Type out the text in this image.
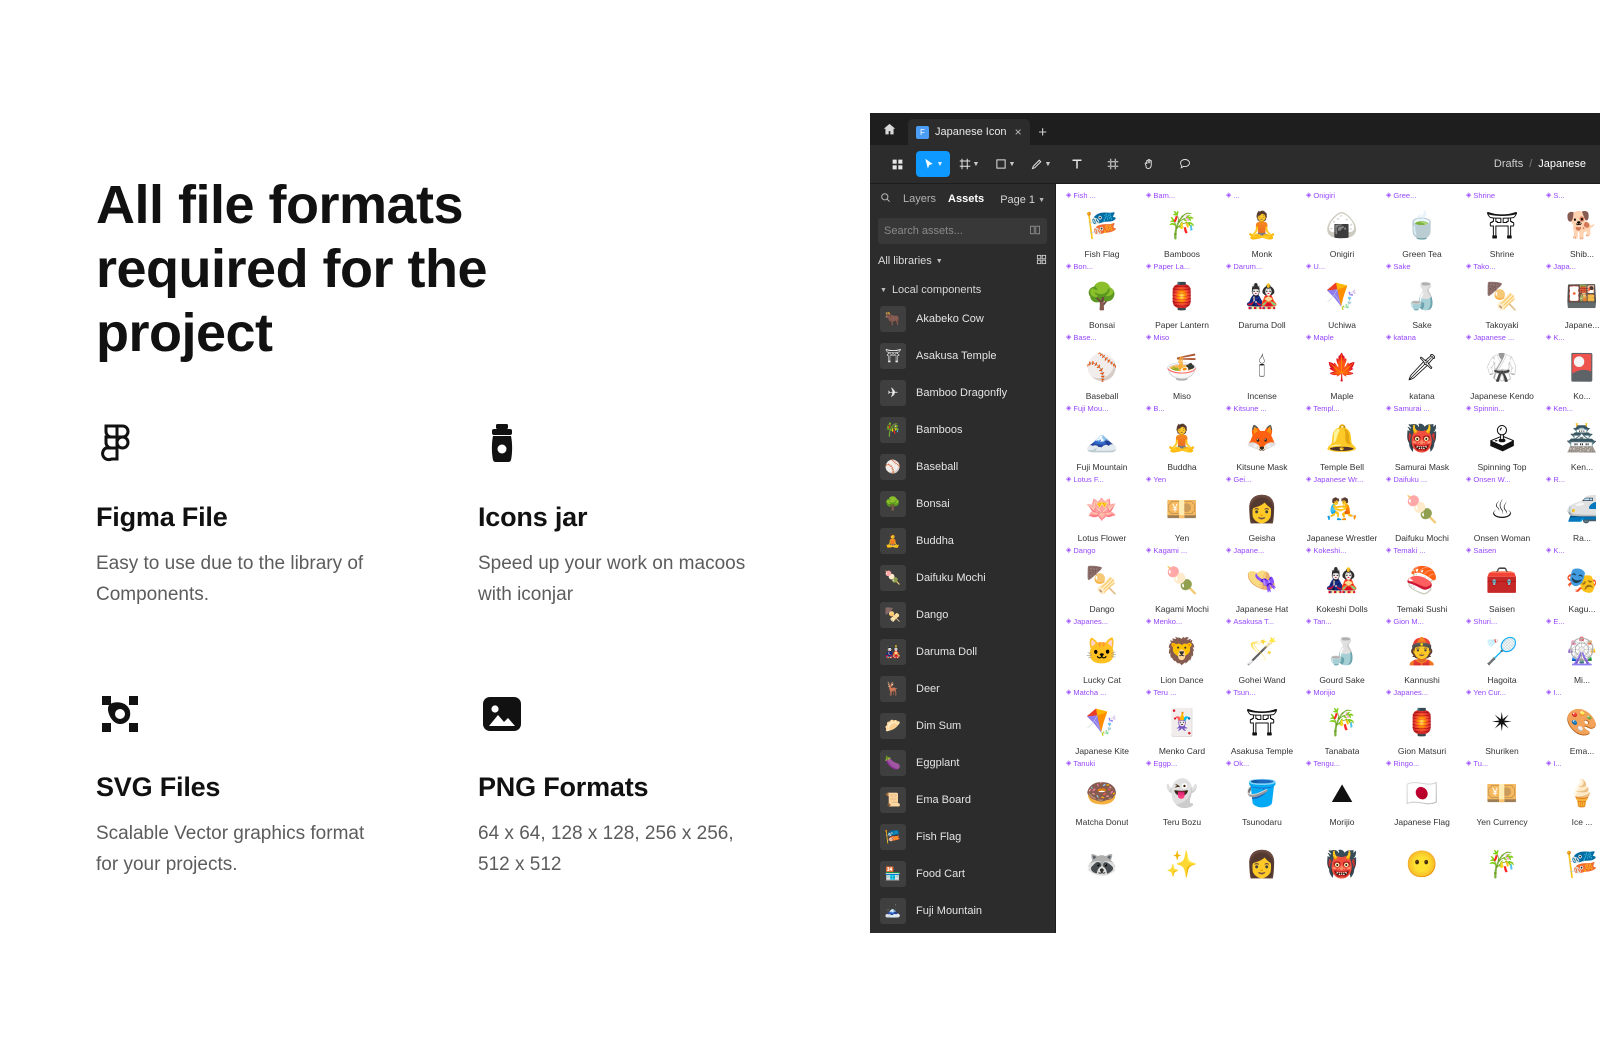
All file formats required for the project
Figma File

Easy to use due to the library of Components.

Icons jar

Speed up your work on macoos with iconjar

SVG Files

Scalable Vector graphics format for your projects.

PNG Formats

64 x 64, 128 x 128, 256 x 256, 512 x 512

F Japanese Icon ×	+
▼	▼	▼	▼	Drafts / Japanese
Layers Assets Page 1 ▼
Search assets...
All libraries ▼
▼ Local components
🐂	Akabeko Cow
⛩	Asakusa Temple
✈	Bamboo Dragonfly
🎋	Bamboos
⚾	Baseball
🌳	Bonsai
🧘	Buddha
🍡	Daifuku Mochi
🍢	Dango
🎎	Daruma Doll
🦌	Deer
🥟	Dim Sum
🍆	Eggplant
📜	Ema Board
🎏	Fish Flag
🏪	Food Cart
🗻	Fuji Mountain
◈ Fish ...
🎏
Fish Flag
◈ Bam...
🎋
Bamboos
◈ ...
🧘
Monk
◈ Onigiri
🍙
Onigiri
◈ Gree...
🍵
Green Tea
◈ Shrine
⛩
Shrine
◈ S...
🐕
Shib...
◈ Bon...
🌳
Bonsai
◈ Paper La...
🏮
Paper Lantern
◈ Darum...
🎎
Daruma Doll
◈ U...
🪁
Uchiwa
◈ Sake
🍶
Sake
◈ Tako...
🍢
Takoyaki
◈ Japa...
🍱
Japane...
◈ Base...
⚾
Baseball
◈ Miso
🍜
Miso
🕯
Incense
◈ Maple
🍁
Maple
◈ katana
🗡
katana
◈ Japanese ...
🥋
Japanese Kendo
◈ K...
🎴
Ko...
◈ Fuji Mou...
🗻
Fuji Mountain
◈ B...
🧘
Buddha
◈ Kitsune ...
🦊
Kitsune Mask
◈ Templ...
🔔
Temple Bell
◈ Samurai ...
👹
Samurai Mask
◈ Spinnin...
🕹
Spinning Top
◈ Ken...
🏯
Ken...
◈ Lotus F...
🪷
Lotus Flower
◈ Yen
💴
Yen
◈ Gei...
👩
Geisha
◈ Japanese Wr...
🤼
Japanese Wrestler
◈ Daifuku ...
🍡
Daifuku Mochi
◈ Onsen W...
♨
Onsen Woman
◈ R...
🚅
Ra...
◈ Dango
🍢
Dango
◈ Kagami ...
🍡
Kagami Mochi
◈ Japane...
👒
Japanese Hat
◈ Kokeshi...
🎎
Kokeshi Dolls
◈ Temaki ...
🍣
Temaki Sushi
◈ Saisen
🧰
Saisen
◈ K...
🎭
Kagu...
◈ Japanes...
🐱
Lucky Cat
◈ Menko...
🦁
Lion Dance
◈ Asakusa T...
🪄
Gohei Wand
◈ Tan...
🍶
Gourd Sake
◈ Gion M...
👲
Kannushi
◈ Shuri...
🏸
Hagoita
◈ E...
🎡
Mi...
◈ Matcha ...
🪁
Japanese Kite
◈ Teru ...
🃏
Menko Card
◈ Tsun...
⛩
Asakusa Temple
◈ Morijio
🎋
Tanabata
◈ Japanes...
🏮
Gion Matsuri
◈ Yen Cur...
✴
Shuriken
◈ I...
🎨
Ema...
◈ Tanuki
🍩
Matcha Donut
◈ Eggp...
👻
Teru Bozu
◈ Ok...
🪣
Tsunodaru
◈ Tengu...
⛰
Morijio
◈ Ringo...
🇯🇵
Japanese Flag
◈ Tu...
💴
Yen Currency
◈ I...
🍦
Ice ...
🦝 ✨ 👩 👹 😶 🎋 🎏
